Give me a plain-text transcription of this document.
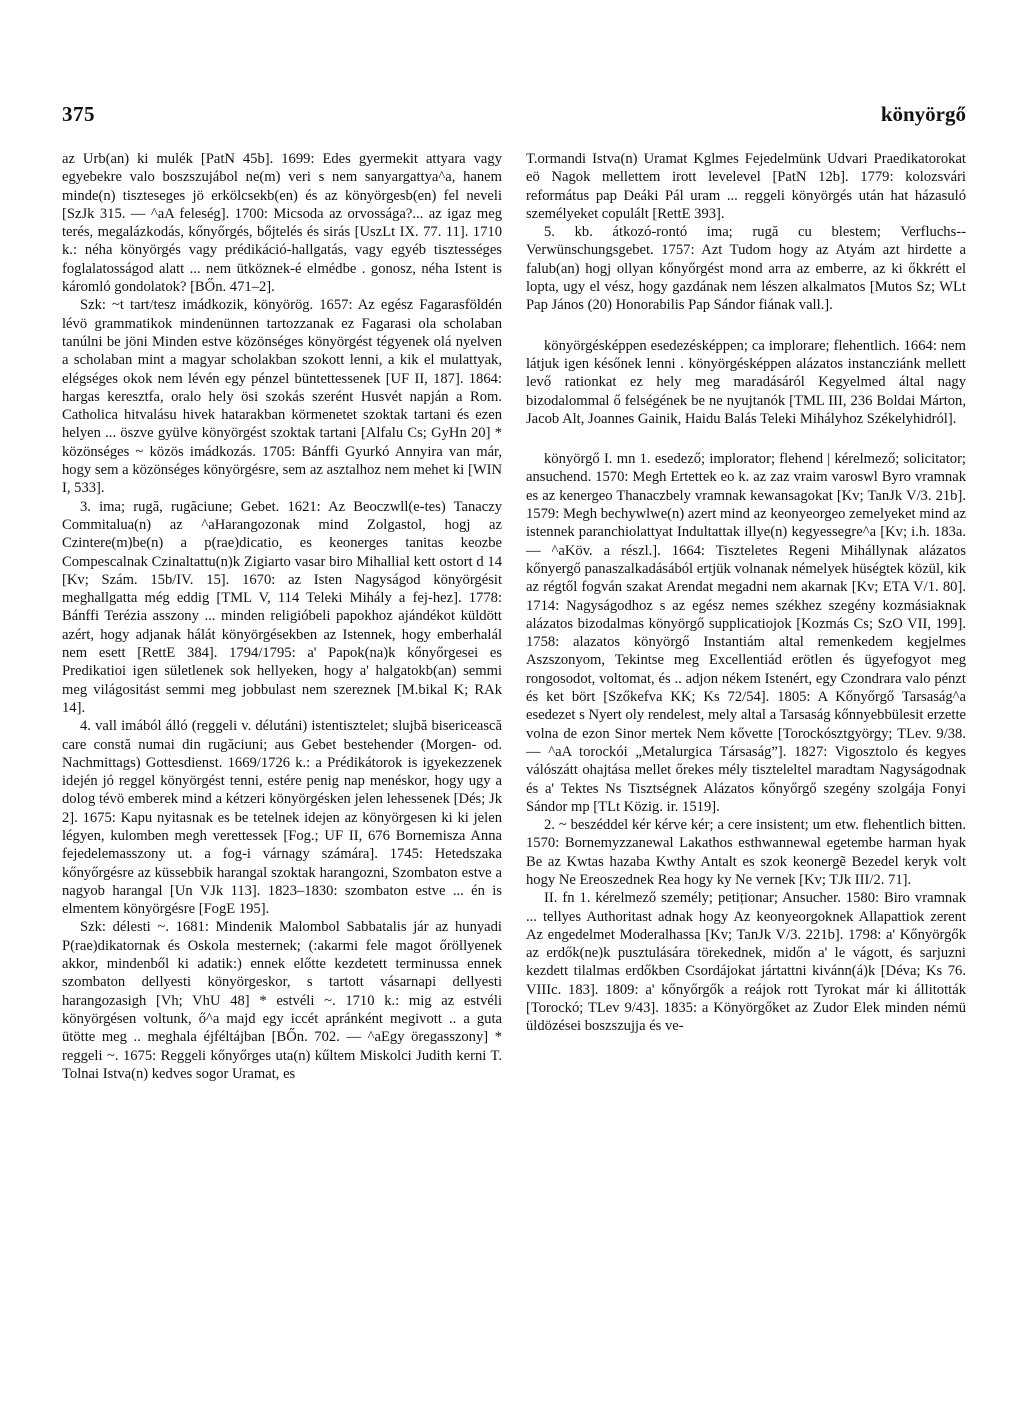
375	könyörgő

az Urb(an) ki mulék [PatN 45b]. 1699: Edes gyermekit attyara vagy egyebekre valo boszszujábol ne(m) veri s nem sanyargattya^a, hanem minde(n) tiszteseges jö erkölcsekb(en) és az könyörgesb(en) fel neveli [SzJk 315. — ^aA feleség]. 1700: Micsoda az orvossága?... az igaz meg terés, megalázkodás, kőnyőrgés, bőjtelés és sirás [UszLt IX. 77. 11]. 1710 k.: néha könyörgés vagy prédikáció-hallgatás, vagy egyéb tisztességes foglalatosságod alatt ... nem ütköznek-é elmédbe . gonosz, néha Istent is káromló gondolatok? [BŐn. 471–2].

Szk: ~t tart/tesz imádkozik, könyörög. 1657: Az egész Fagarasföldén lévö grammatikok mindenünnen tartozzanak ez Fagarasi ola scholaban tanúlni be jöni Minden estve közönséges könyörgést tégyenek olá nyelven a scholaban mint a magyar scholakban szokott lenni, a kik el mulattyak, elégséges okok nem lévén egy pénzel büntettessenek [UF II, 187]. 1864: hargas keresztfa, oralo hely ösi szokás szerént Husvét napján a Rom. Catholica hitvalásu hivek hatarakban körmenetet szoktak tartani és ezen helyen ... öszve gyülve könyörgést szoktak tartani [Alfalu Cs; GyHn 20] * közönséges ~ közös imádkozás. 1705: Bánffi Gyurkó Annyira van már, hogy sem a közönséges könyörgésre, sem az asztalhoz nem mehet ki [WIN I, 533].

3. ima; rugă, rugăciune; Gebet. 1621: Az Beoczwll(e-tes) Tanaczy Commitalua(n) az ^aHarangozonak mind Zolgastol, hogj az Czintere(m)be(n) a p(rae)dicatio, es keonerges tanitas keozbe Compescalnak Czinaltattu(n)k Zigiarto vasar biro Mihallial kett ostort d 14 [Kv; Szám. 15b/IV. 15]. 1670: az Isten Nagyságod könyörgésit meghallgatta még eddig [TML V, 114 Teleki Mihály a fej-hez]. 1778: Bánffi Terézia asszony ... minden religióbeli papokhoz ajándékot küldött azért, hogy adjanak hálát könyörgésekben az Istennek, hogy emberhalál nem esett [RettE 384]. 1794/1795: a' Papok(na)k kőnyőrgesei es Predikatioi igen sületlenek sok hellyeken, hogy a' halgatokb(an) semmi meg világositást semmi meg jobbulast nem szereznek [M.bikal K; RAk 14].

4. vall imából álló (reggeli v. délutáni) istentisztelet; slujbă bisericească care constă numai din rugăciuni; aus Gebet bestehender (Morgen- od. Nachmittags) Gottesdienst. 1669/1726 k.: a Prédikátorok is igyekezzenek idején jó reggel könyörgést tenni, estére penig nap menéskor, hogy ugy a dolog tévö emberek mind a kétzeri könyörgésken jelen lehessenek [Dés; Jk 2]. 1675: Kapu nyitasnak es be tetelnek idejen az könyörgesen ki ki jelen légyen, kulomben megh verettessek [Fog.; UF II, 676 Bornemisza Anna fejedelemasszony ut. a fog-i várnagy számára]. 1745: Hetedszaka kőnyőrgésre az küssebbik harangal szoktak harangozni, Szombaton estve a nagyob harangal [Un VJk 113]. 1823–1830: szombaton estve ... én is elmentem könyörgésre [FogE 195].

Szk: délesti ~. 1681: Mindenik Malombol Sabbatalis jár az hunyadi P(rae)dikatornak és Oskola mesternek; (:akarmi fele magot őröllyenek akkor, mindenből ki adatik:) ennek előtte kezdetett terminussa ennek szombaton dellyesti könyörgeskor, s tartott vásarnapi dellyesti harangozasigh [Vh; VhU 48] * estvéli ~. 1710 k.: mig az estvéli könyörgésen voltunk, ő^a majd egy iccét apránként megivott .. a guta ütötte meg .. meghala éjféltájban [BŐn. 702. — ^aEgy öregasszony] * reggeli ~. 1675: Reggeli kőnyőrges uta(n) kűltem Miskolci Judith kerni T. Tolnai Istva(n) kedves sogor Uramat, es

T.ormandi Istva(n) Uramat Kglmes Fejedelmünk Udvari Praedikatorokat eö Nagok mellettem irott levelevel [PatN 12b]. 1779: kolozsvári református pap Deáki Pál uram ... reggeli könyörgés után hat házasuló személyeket copulált [RettE 393].

5. kb. átkozó-rontó ima; rugă cu blestem; Verfluchs--Verwünschungsgebet. 1757: Azt Tudom hogy az Atyám azt hirdette a falub(an) hogj ollyan kőnyőrgést mond arra az emberre, az ki őkkrétt el lopta, ugy el vész, hogy gazdának nem lészen alkalmatos [Mutos Sz; WLt Pap János (20) Honorabilis Pap Sándor fiának vall.].

könyörgésképpen esedezésképpen; ca implorare; flehentlich. 1664: nem látjuk igen későnek lenni . könyörgésképpen alázatos instancziánk mellett levő rationkat ez hely meg maradásáról Kegyelmed által nagy bizodalommal ő felségének be ne nyujtanók [TML III, 236 Boldai Márton, Jacob Alt, Joannes Gainik, Haidu Balás Teleki Mihályhoz Székelyhidról].

könyörgő I. mn 1. esedező; implorator; flehend | kérelmező; solicitator; ansuchend. 1570: Megh Ertettek eo k. az zaz vraim varoswl Byro vramnak es az kenergeo Thanaczbely vramnak kewansagokat [Kv; TanJk V/3. 21b]. 1579: Megh bechywlwe(n) azert mind az keonyeorgeo zemelyeket mind az istennek paranchiolattyat Indultattak illye(n) kegyessegre^a [Kv; i.h. 183a. — ^aKöv. a részl.]. 1664: Tiszteletes Regeni Mihállynak alázatos kőnyergő panaszalkadásából ertjük volnanak némelyek hüségtek közül, kik az régtől fogván szakat Arendat megadni nem akarnak [Kv; ETA V/1. 80]. 1714: Nagyságodhoz s az egész nemes székhez szegény kozmásiaknak alázatos bizodalmas könyörgő supplicatiojok [Kozmás Cs; SzO VII, 199]. 1758: alazatos könyörgő Instantiám altal remenkedem kegjelmes Aszszonyom, Tekintse meg Excellentiád erötlen és ügyefogyot meg rongosodot, voltomat, és .. adjon nékem Istenért, egy Czondrara valo pénzt és ket bört [Szőkefva KK; Ks 72/54]. 1805: A Kőnyőrgő Tarsaság^a esedezet s Nyert oly rendelest, mely altal a Tarsaság kőnnyebbülesit erzette volna de ezon Sinor mertek Nem kővette [Torockósztgyörgy; TLev. 9/38. — ^aA torockói „Metalurgica Társaság”]. 1827: Vigosztolo és kegyes válószátt ohajtása mellet őrekes mély tiszteleltel maradtam Nagyságodnak és a' Tektes Ns Tisztségnek Alázatos kőnyőrgő szegény szolgája Fonyi Sándor mp [TLt Közig. ir. 1519].

2. ~ beszéddel kér kérve kér; a cere insistent; um etw. flehentlich bitten. 1570: Bornemyzzanewal Lakathos esthwannewal egetembe harman hyak Be az Kwtas hazaba Kwthy Antalt es szok keonergẽ Bezedel keryk volt hogy Ne Ereoszednek Rea hogy ky Ne vernek [Kv; TJk III/2. 71].

II. fn 1. kérelmező személy; petiționar; Ansucher. 1580: Biro vramnak ... tellyes Authoritast adnak hogy Az keonyeorgoknek Allapattiok zerent Az engedelmet Moderalhassa [Kv; TanJk V/3. 221b]. 1798: a' Kőnyörgők az erdők(ne)k pusztulására törekednek, midőn a' le vágott, és sarjuzni kezdett tilalmas erdőkben Csordájokat jártattni kivánn(á)k [Déva; Ks 76. VIIIc. 183]. 1809: a' kőnyőrgők a reájok rott Tyrokat már ki állitották [Torockó; TLev 9/43]. 1835: a Könyörgőket az Zudor Elek minden némü üldözései boszszujja és ve-
